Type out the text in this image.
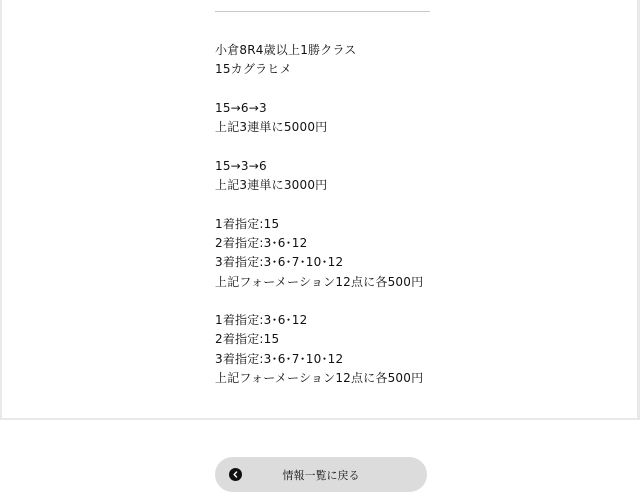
小倉8R4歳以上1勝クラス
15カグラヒメ
15→6→3
上記3連単に5000円
15→3→6
上記3連単に3000円
1着指定:15
2着指定:3･6･12
3着指定:3･6･7･10･12
上記フォーメーション12点に各500円
1着指定:3･6･12
2着指定:15
3着指定:3･6･7･10･12
上記フォーメーション12点に各500円
情報一覧に戻る
